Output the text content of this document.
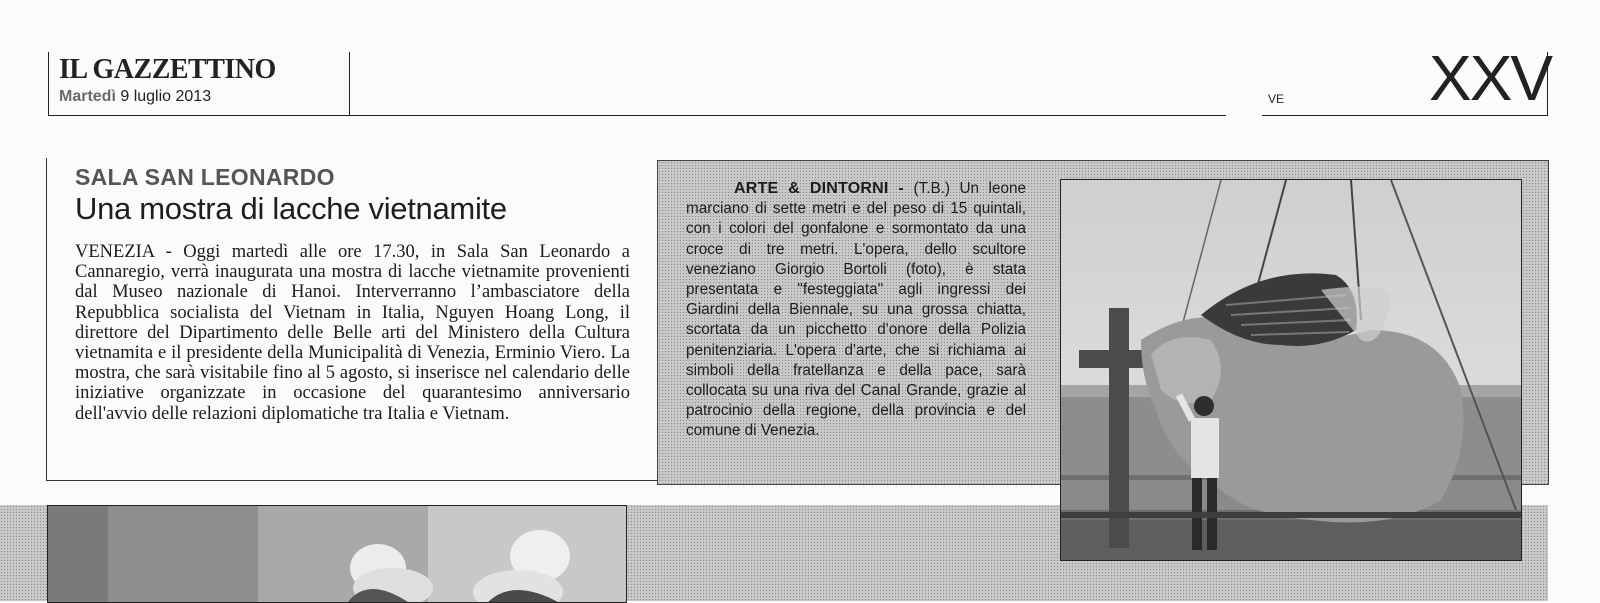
IL GAZZETTINO
Martedì 9 luglio 2013	VE XXV
SALA SAN LEONARDO
Una mostra di lacche vietnamite
VENEZIA - Oggi martedì alle ore 17.30, in Sala San Leonardo a Cannaregio, verrà inaugurata una mostra di lacche vietnamite provenienti dal Museo nazionale di Hanoi. Interverranno l’ambasciatore della Repubblica socialista del Vietnam in Italia, Nguyen Hoang Long, il direttore del Dipartimento delle Belle arti del Ministero della Cultura vietnamita e il presidente della Municipalità di Venezia, Erminio Viero. La mostra, che sarà visitabile fino al 5 agosto, si inserisce nel calendario delle iniziative organizzate in occasione del quarantesimo anniversario dell'avvio delle relazioni diplomatiche tra Italia e Vietnam.
ARTE & DINTORNI - (T.B.) Un leone marciano di sette metri e del peso di 15 quintali, con i colori del gonfalone e sormontato da una croce di tre metri. L'opera, dello scultore veneziano Giorgio Bortoli (foto), è stata presentata e "festeggiata" agli ingressi dei Giardini della Biennale, su una grossa chiatta, scortata da un picchetto d'onore della Polizia penitenziaria. L'opera d'arte, che si richiama ai simboli della fratellanza e della pace, sarà collocata su una riva del Canal Grande, grazie al patrocinio della regione, della provincia e del comune di Venezia.
